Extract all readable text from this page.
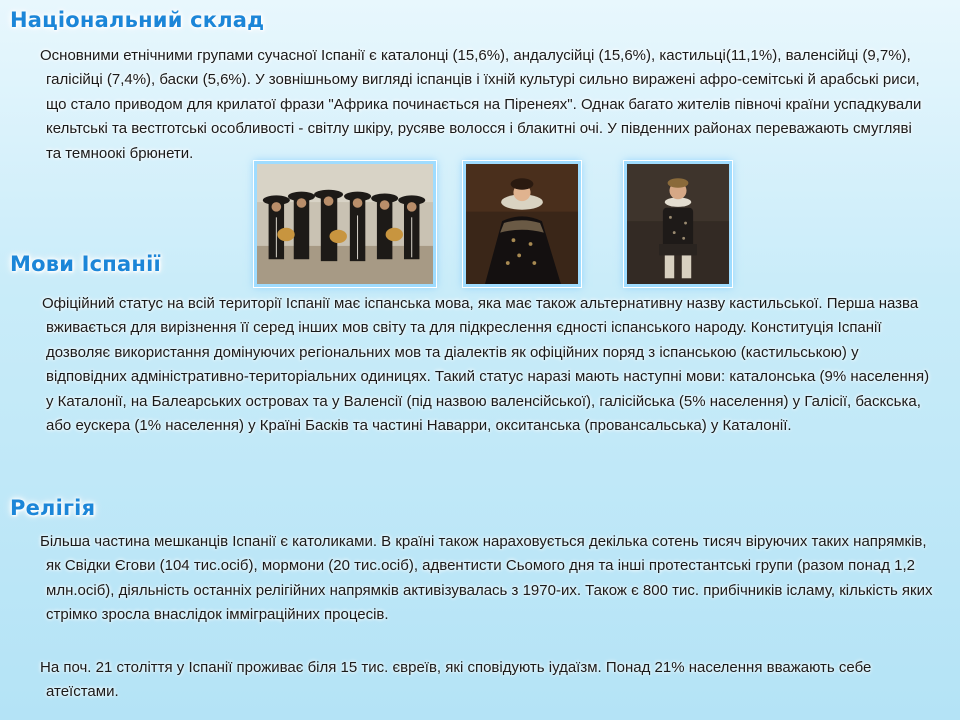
Національний склад

Основними етнічними групами сучасної Іспанії є каталонці (15,6%), андалусійці (15,6%), кастильці(11,1%), валенсійці (9,7%), галісійці (7,4%), баски (5,6%). У зовнішньому вигляді іспанців і їхній культурі сильно виражені афро-семітські й арабські риси, що стало приводом для крилатої фрази "Африка починається на Піренеях". Однак багато жителів півночі країни успадкували кельтські та вестготські особливості - світлу шкіру, русяве волосся і блакитні очі. У південних районах переважають смугляві та темноокі брюнети.

Мови Іспанії

Офіційний статус на всій території Іспанії має іспанська мова, яка має також альтернативну назву кастильської. Перша назва вживається для вирізнення її серед інших мов світу та для підкреслення єдності іспанського народу. Конституція Іспанії дозволяє використання домінуючих регіональних мов та діалектів як офіційних поряд з іспанською (кастильською) у відповідних адміністративно-територіальних одиницях. Такий статус наразі мають наступні мови: каталонська (9% населення) у Каталонії, на Балеарських островах та у Валенсії (під назвою валенсійської), галісійська (5% населення) у Галісії, баскська, або еускера (1% населення) у Країні Басків та частині Наварри, окситанська (провансальська) у Каталонії.

Релігія

Більша частина мешканців Іспанії є католиками. В країні також нараховується декілька сотень тисяч віруючих таких напрямків, як Свідки Єгови (104 тис.осіб), мормони (20 тис.осіб), адвентисти Сьомого дня та інші протестантські групи (разом понад 1,2 млн.осіб), діяльність останніх релігійних напрямків активізувалась з 1970-их. Також є 800 тис. прибічників ісламу, кількість яких стрімко зросла внаслідок імміграційних процесів.

На поч. 21 століття у Іспанії проживає біля 15 тис. євреїв, які сповідують іудаїзм. Понад 21% населення вважають себе атеїстами.
